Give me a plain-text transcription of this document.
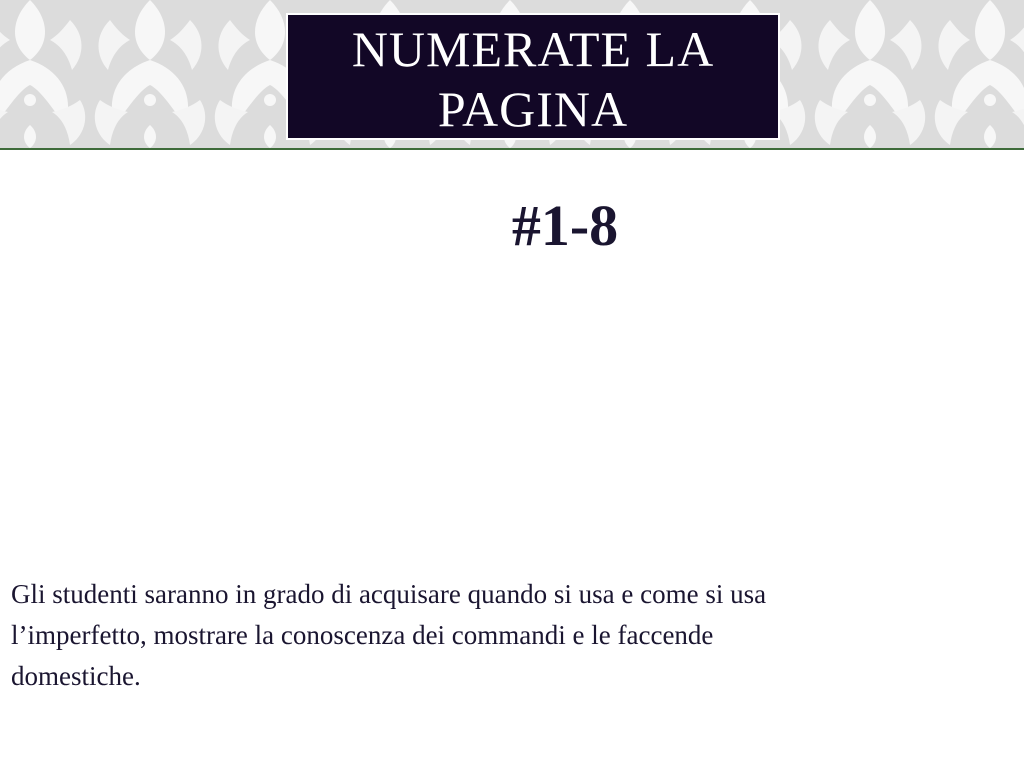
NUMERATE LA PAGINA

#1-8

Gli studenti saranno in grado di acquisare quando si usa e come si usa l’imperfetto, mostrare la conoscenza dei commandi e le faccende domestiche.
